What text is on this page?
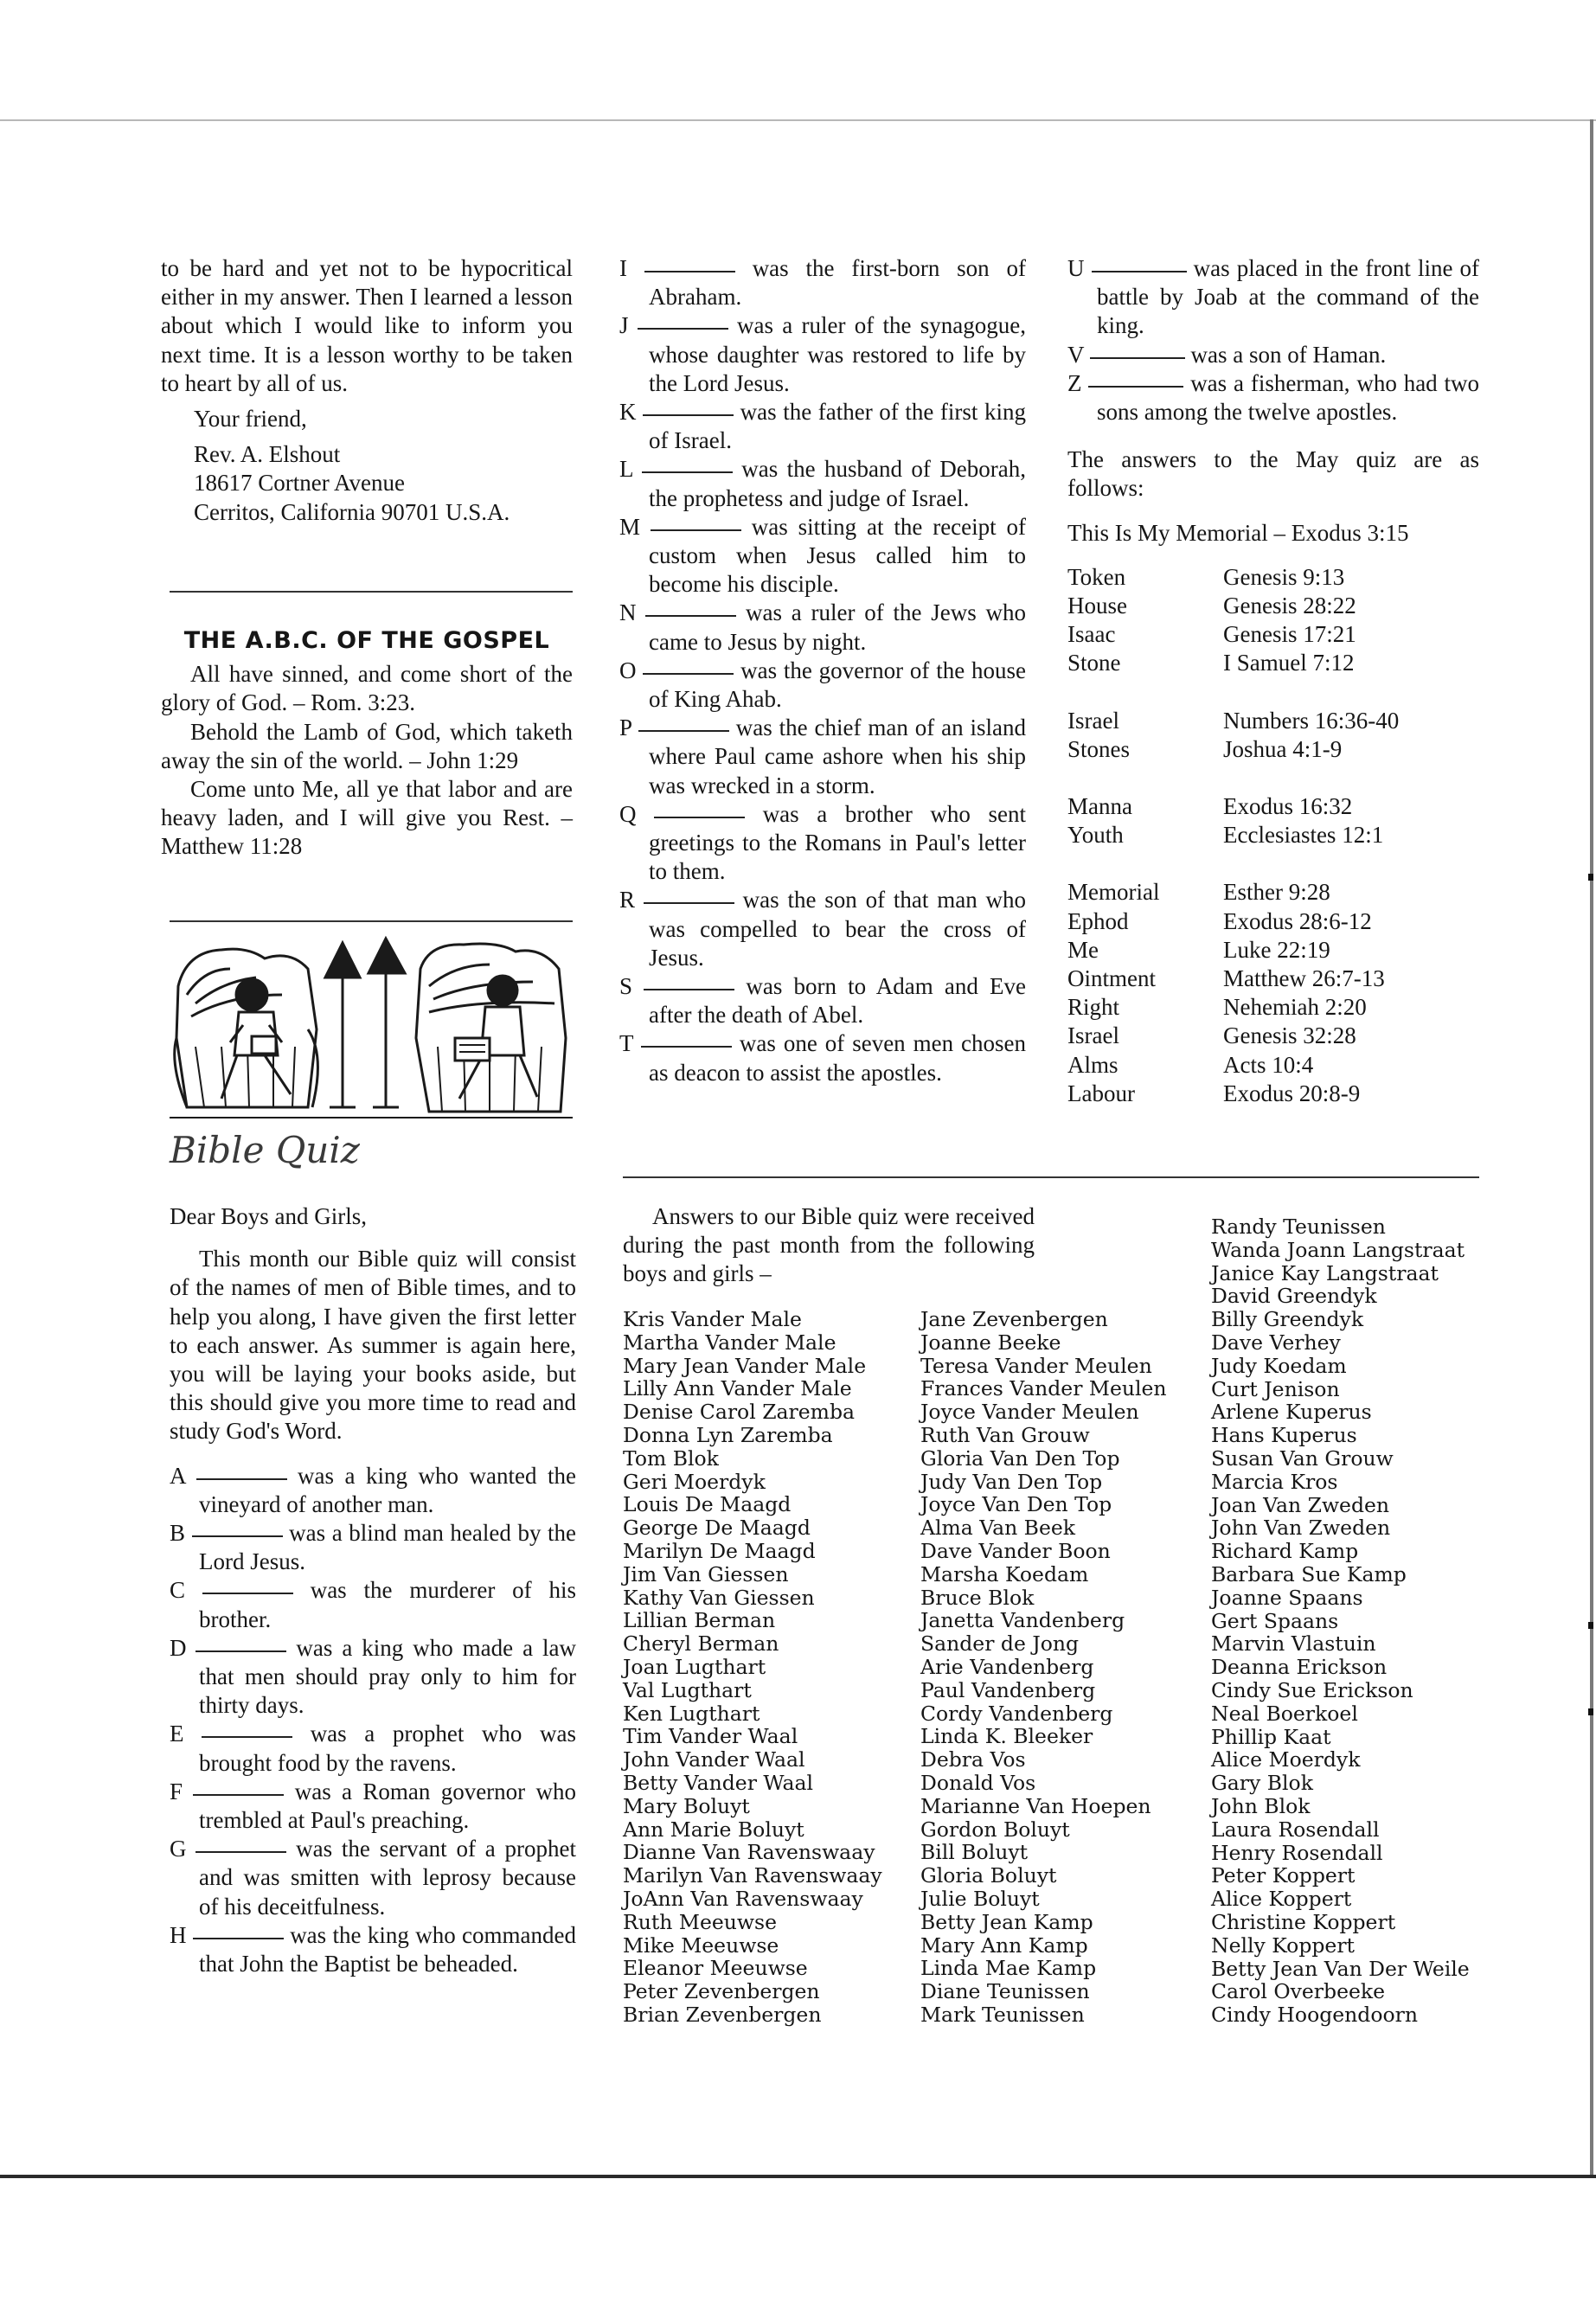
to be hard and yet not to be hypocritical either in my answer. Then I learned a lesson about which I would like to inform you next time. It is a lesson worthy to be taken to heart by all of us.

Your friend,
Rev. A. Elshout
18617 Cortner Avenue
Cerritos, California 90701 U.S.A.

THE A.B.C. OF THE GOSPEL

All have sinned, and come short of the glory of God. – Rom. 3:23.

Behold the Lamb of God, which taketh away the sin of the world. – John 1:29

Come unto Me, all ye that labor and are heavy laden, and I will give you Rest. – Matthew 11:28

Bible Quiz

Dear Boys and Girls,

This month our Bible quiz will consist of the names of men of Bible times, and to help you along, I have given the first letter to each answer. As summer is again here, you will be laying your books aside, but this should give you more time to read and study God's Word.

A	was a king who wanted the vineyard of another man.

B	was a blind man healed by the Lord Jesus.

C	was the murderer of his brother.

D	was a king who made a law that men should pray only to him for thirty days.

E	was a prophet who was brought food by the ravens.

F	was a Roman governor who trembled at Paul's preaching.

G	was the servant of a prophet and was smitten with leprosy because of his deceitfulness.

H	was the king who commanded that John the Baptist be beheaded.

I	was the first-born son of Abraham.

J	was a ruler of the synagogue, whose daughter was restored to life by the Lord Jesus.

K	was the father of the first king of Israel.

L	was the husband of Deborah, the prophetess and judge of Israel.

M	was sitting at the receipt of custom when Jesus called him to become his disciple.

N	was a ruler of the Jews who came to Jesus by night.

O	was the governor of the house of King Ahab.

P	was the chief man of an island where Paul came ashore when his ship was wrecked in a storm.

Q	was a brother who sent greetings to the Romans in Paul's letter to them.

R	was the son of that man who was compelled to bear the cross of Jesus.

S	was born to Adam and Eve after the death of Abel.

T	was one of seven men chosen as deacon to assist the apostles.

U	was placed in the front line of battle by Joab at the command of the king.

V	was a son of Haman.

Z	was a fisherman, who had two sons among the twelve apostles.

The answers to the May quiz are as follows:

This Is My Memorial – Exodus 3:15

Token	Genesis 9:13
House	Genesis 28:22
Isaac	Genesis 17:21
Stone	I Samuel 7:12

Israel	Numbers 16:36-40
Stones	Joshua 4:1-9

Manna	Exodus 16:32
Youth	Ecclesiastes 12:1

Memorial	Esther 9:28
Ephod	Exodus 28:6-12
Me	Luke 22:19
Ointment	Matthew 26:7-13
Right	Nehemiah 2:20
Israel	Genesis 32:28
Alms	Acts 10:4
Labour	Exodus 20:8-9

Answers to our Bible quiz were received during the past month from the following boys and girls –

Kris Vander Male
Martha Vander Male
Mary Jean Vander Male
Lilly Ann Vander Male
Denise Carol Zaremba
Donna Lyn Zaremba
Tom Blok
Geri Moerdyk
Louis De Maagd
George De Maagd
Marilyn De Maagd
Jim Van Giessen
Kathy Van Giessen
Lillian Berman
Cheryl Berman
Joan Lugthart
Val Lugthart
Ken Lugthart
Tim Vander Waal
John Vander Waal
Betty Vander Waal
Mary Boluyt
Ann Marie Boluyt
Dianne Van Ravenswaay
Marilyn Van Ravenswaay
JoAnn Van Ravenswaay
Ruth Meeuwse
Mike Meeuwse
Eleanor Meeuwse
Peter Zevenbergen
Brian Zevenbergen
Jane Zevenbergen
Joanne Beeke
Teresa Vander Meulen
Frances Vander Meulen
Joyce Vander Meulen
Ruth Van Grouw
Gloria Van Den Top
Judy Van Den Top
Joyce Van Den Top
Alma Van Beek
Dave Vander Boon
Marsha Koedam
Bruce Blok
Janetta Vandenberg
Sander de Jong
Arie Vandenberg
Paul Vandenberg
Cordy Vandenberg
Linda K. Bleeker
Debra Vos
Donald Vos
Marianne Van Hoepen
Gordon Boluyt
Bill Boluyt
Gloria Boluyt
Julie Boluyt
Betty Jean Kamp
Mary Ann Kamp
Linda Mae Kamp
Diane Teunissen
Mark Teunissen
Randy Teunissen
Wanda Joann Langstraat
Janice Kay Langstraat
David Greendyk
Billy Greendyk
Dave Verhey
Judy Koedam
Curt Jenison
Arlene Kuperus
Hans Kuperus
Susan Van Grouw
Marcia Kros
Joan Van Zweden
John Van Zweden
Richard Kamp
Barbara Sue Kamp
Joanne Spaans
Gert Spaans
Marvin Vlastuin
Deanna Erickson
Cindy Sue Erickson
Neal Boerkoel
Phillip Kaat
Alice Moerdyk
Gary Blok
John Blok
Laura Rosendall
Henry Rosendall
Peter Koppert
Alice Koppert
Christine Koppert
Nelly Koppert
Betty Jean Van Der Weile
Carol Overbeeke
Cindy Hoogendoorn
